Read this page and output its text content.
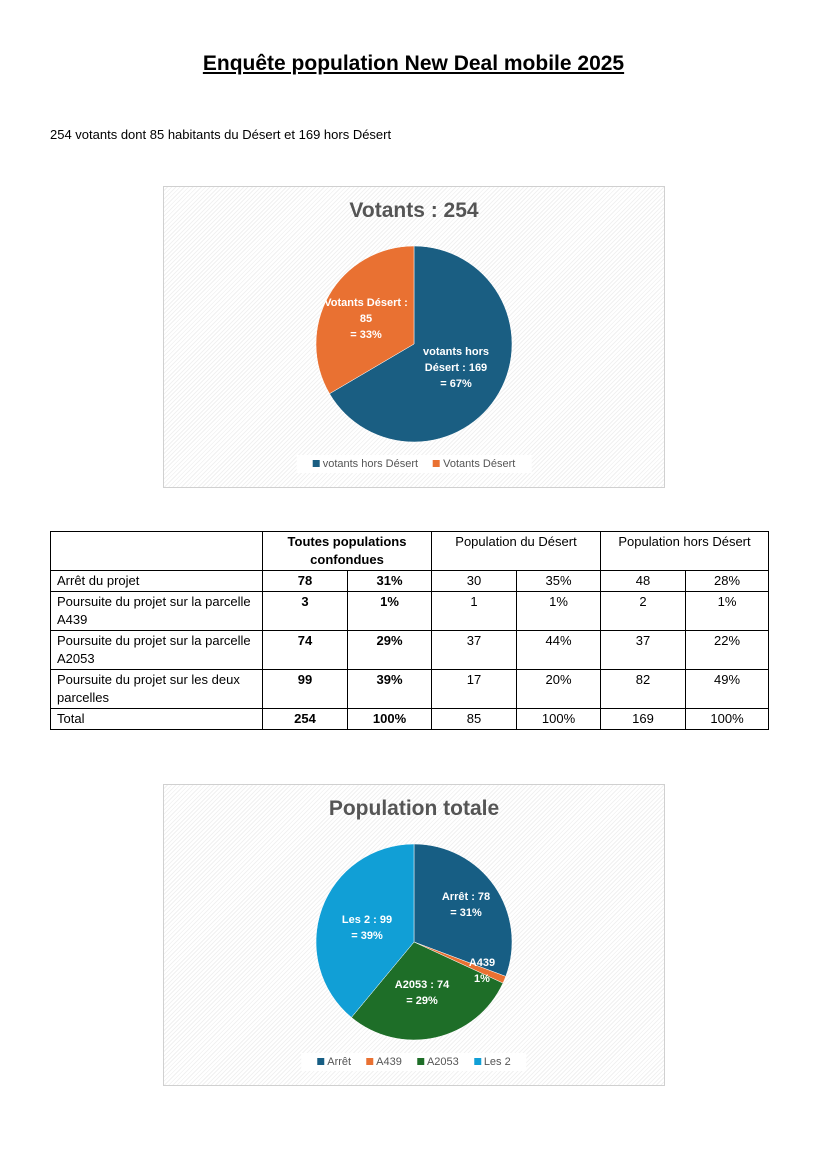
Enquête population New Deal mobile 2025
254 votants dont 85 habitants du Désert et 169 hors Désert
Votants : 254
Votants Désert :
85
= 33%
votants hors
Désert : 169
= 67%
votants hors Désert Votants Désert
	Toutes populations confondues		Population du Désert		Population hors Désert	
Arrêt du projet	78	31%	30	35%	48	28%
Poursuite du projet sur la parcelle A439	3	1%	1	1%	2	1%
Poursuite du projet sur la parcelle A2053	74	29%	37	44%	37	22%
Poursuite du projet sur les deux parcelles	99	39%	17	20%	82	49%
Total	254	100%	85	100%	169	100%
Population totale
Arrêt : 78
= 31%
A439
1%
A2053 : 74
= 29%
Les 2 : 99
= 39%
Arrêt A439 A2053 Les 2
